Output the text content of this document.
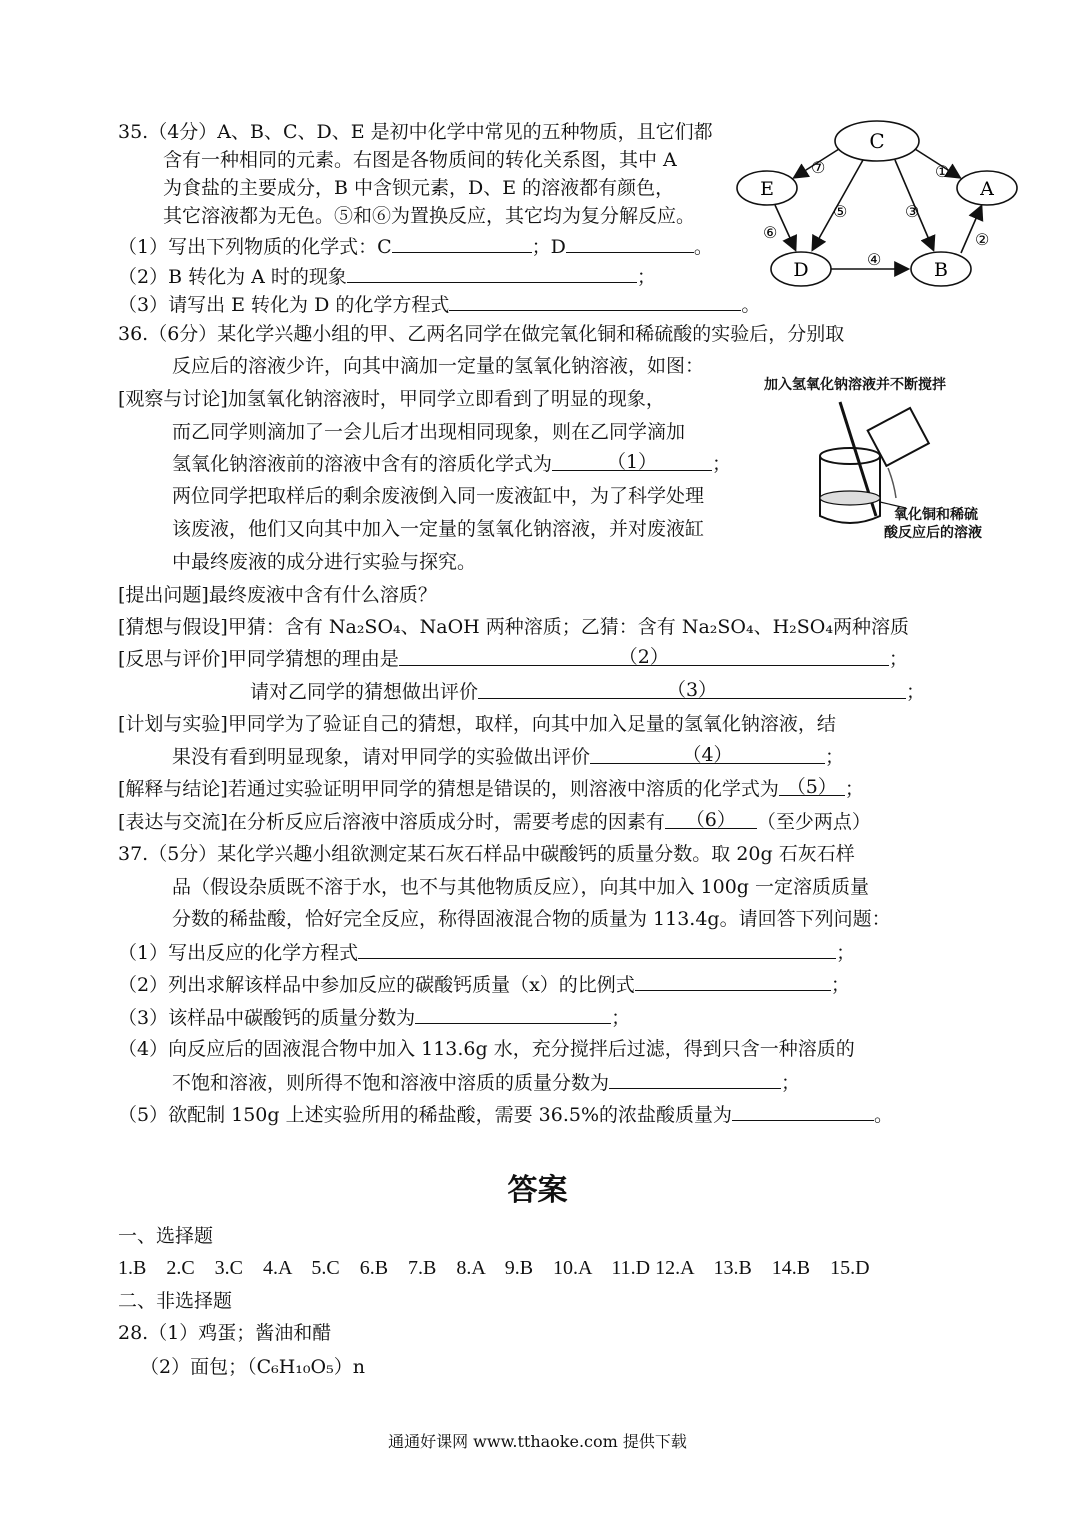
35.（4分）A、B、C、D、E 是初中化学中常见的五种物质，且它们都
含有一种相同的元素。右图是各物质间的转化关系图，其中 A
为食盐的主要成分，B 中含钡元素，D、E 的溶液都有颜色，
其它溶液都为无色。⑤和⑥为置换反应，其它均为复分解反应。
（1）写出下列物质的化学式：C	；D	。
（2）B 转化为 A 时的现象	；
（3）请写出 E 转化为 D 的化学方程式	。
C
E	A
D	B
⑦	①
⑤	③
⑥	②
④
36.（6分）某化学兴趣小组的甲、乙两名同学在做完氧化铜和稀硫酸的实验后，分别取
反应后的溶液少许，向其中滴加一定量的氢氧化钠溶液，如图：
[观察与讨论]加氢氧化钠溶液时，甲同学立即看到了明显的现象，
而乙同学则滴加了一会儿后才出现相同现象，则在乙同学滴加
氢氧化钠溶液前的溶液中含有的溶质化学式为	（1）	；
两位同学把取样后的剩余废液倒入同一废液缸中，为了科学处理
该废液，他们又向其中加入一定量的氢氧化钠溶液，并对废液缸
中最终废液的成分进行实验与探究。
加入氢氧化钠溶液并不断搅拌
氧化铜和稀硫
酸反应后的溶液
[提出问题]最终废液中含有什么溶质？
[猜想与假设]甲猜：含有 Na₂SO₄、NaOH 两种溶质；乙猜：含有 Na₂SO₄、H₂SO₄两种溶质
[反思与评价]甲同学猜想的理由是	（2）	；
请对乙同学的猜想做出评价	（3）	；
[计划与实验]甲同学为了验证自己的猜想，取样，向其中加入足量的氢氧化钠溶液，结
果没有看到明显现象，请对甲同学的实验做出评价	（4）	；
[解释与结论]若通过实验证明甲同学的猜想是错误的，则溶液中溶质的化学式为 （5） ；
[表达与交流]在分析反应后溶液中溶质成分时，需要考虑的因素有 （6） （至少两点）
37.（5分）某化学兴趣小组欲测定某石灰石样品中碳酸钙的质量分数。取 20g 石灰石样
品（假设杂质既不溶于水，也不与其他物质反应），向其中加入 100g 一定溶质质量
分数的稀盐酸，恰好完全反应，称得固液混合物的质量为 113.4g。请回答下列问题：
（1）写出反应的化学方程式	；
（2）列出求解该样品中参加反应的碳酸钙质量（x）的比例式	；
（3）该样品中碳酸钙的质量分数为	；
（4）向反应后的固液混合物中加入 113.6g 水，充分搅拌后过滤，得到只含一种溶质的
不饱和溶液，则所得不饱和溶液中溶质的质量分数为	；
（5）欲配制 150g 上述实验所用的稀盐酸，需要 36.5%的浓盐酸质量为	。
答案
一、选择题
1.B    2.C    3.C    4.A    5.C    6.B    7.B    8.A    9.B    10.A    11.D 12.A    13.B    14.B    15.D
二、非选择题
28.（1）鸡蛋；酱油和醋
（2）面包；（C₆H₁₀O₅）n
通通好课网 www.tthaoke.com 提供下载
